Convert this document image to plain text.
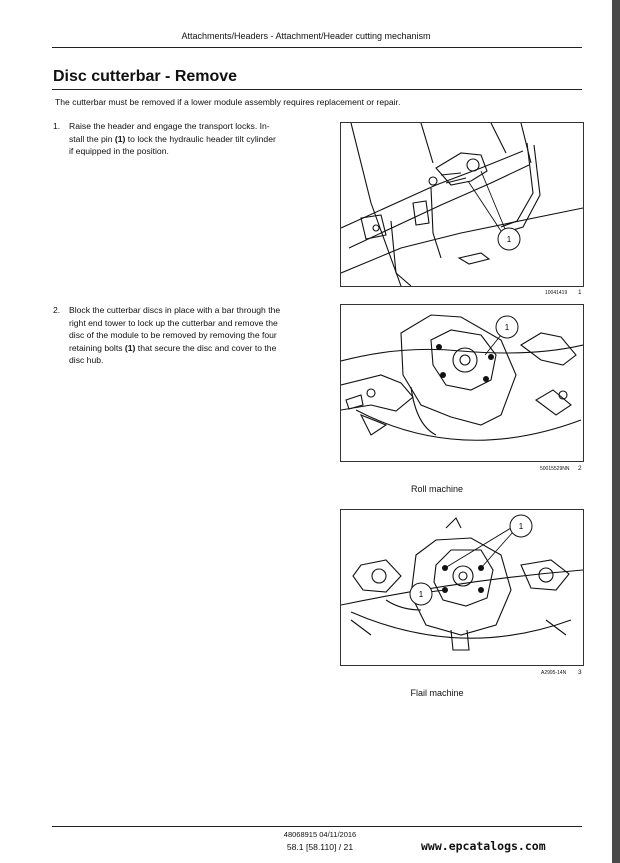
Attachments/Headers - Attachment/Header cutting mechanism
Disc cutterbar - Remove
The cutterbar must be removed if a lower module assembly requires replacement or repair.
1. Raise the header and engage the transport locks. In-
stall the pin (1) to lock the hydraulic header tilt cylinder
if equipped in the position.
2. Block the cutterbar discs in place with a bar through the
right end tower to lock up the cutterbar and remove the
disc of the module to be removed by removing the four
retaining bolts (1) that secure the disc and cover to the
disc hub.
1
10041419 1
1
50015529NN 2
Roll machine
1
1
A2995-14N 3
Flail machine
48068915 04/11/2016
58.1 [58.110] / 21	www.epcatalogs.com
